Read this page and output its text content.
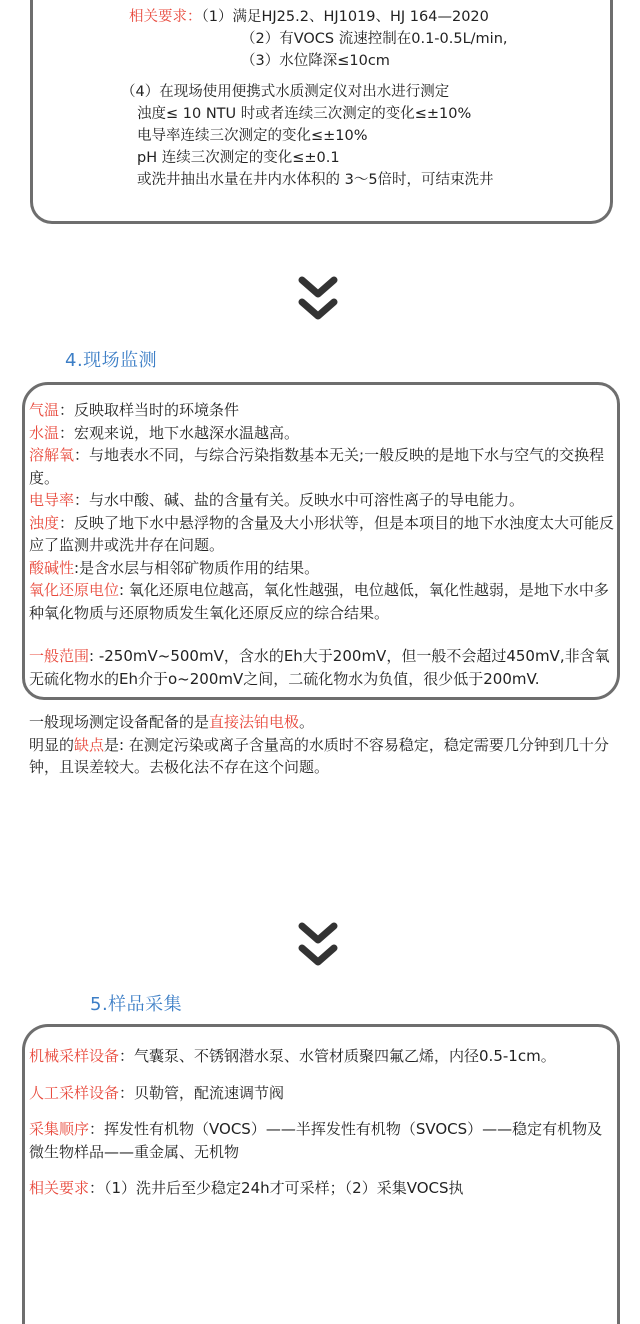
相关要求：（1）满足HJ25.2、HJ1019、HJ 164—2020
（2）有VOCS 流速控制在0.1-0.5L/min,
（3）水位降深≤10cm
（4）在现场使用便携式水质测定仪对出水进行测定
浊度≤ 10 NTU 时或者连续三次测定的变化≤±10%
电导率连续三次测定的变化≤±10%
pH 连续三次测定的变化≤±0.1
或洗井抽出水量在井内水体积的 3～5倍时，可结束洗井
4.现场监测

气温：反映取样当时的环境条件

水温：宏观来说，地下水越深水温越高。

溶解氧：与地表水不同，与综合污染指数基本无关;一般反映的是地下水与空气的交换程度。

电导率：与水中酸、碱、盐的含量有关。反映水中可溶性离子的导电能力。

浊度：反映了地下水中悬浮物的含量及大小形状等，但是本项目的地下水浊度太大可能反应了监测井或洗井存在问题。

酸碱性:是含水层与相邻矿物质作用的结果。

氧化还原电位: 氧化还原电位越高，氧化性越强，电位越低，氧化性越弱，是地下水中多种氧化物质与还原物质发生氧化还原反应的综合结果。

一般范围: -250mV~500mV，含水的Eh大于200mV，但一般不会超过450mV,非含氧无硫化物水的Eh介于o~200mV之间，二硫化物水为负值，很少低于200mV.

一般现场测定设备配备的是直接法铂电极。

明显的缺点是: 在测定污染或离子含量高的水质时不容易稳定，稳定需要几分钟到几十分钟，且误差较大。去极化法不存在这个问题。

5.样品采集

机械采样设备：气囊泵、不锈钢潜水泵、水管材质聚四氟乙烯，内径0.5-1cm。

人工采样设备：贝勒管，配流速调节阀

采集顺序：挥发性有机物（VOCS）——半挥发性有机物（SVOCS）——稳定有机物及微生物样品——重金属、无机物

相关要求：（1）洗井后至少稳定24h才可采样；（2）采集VOCS执
